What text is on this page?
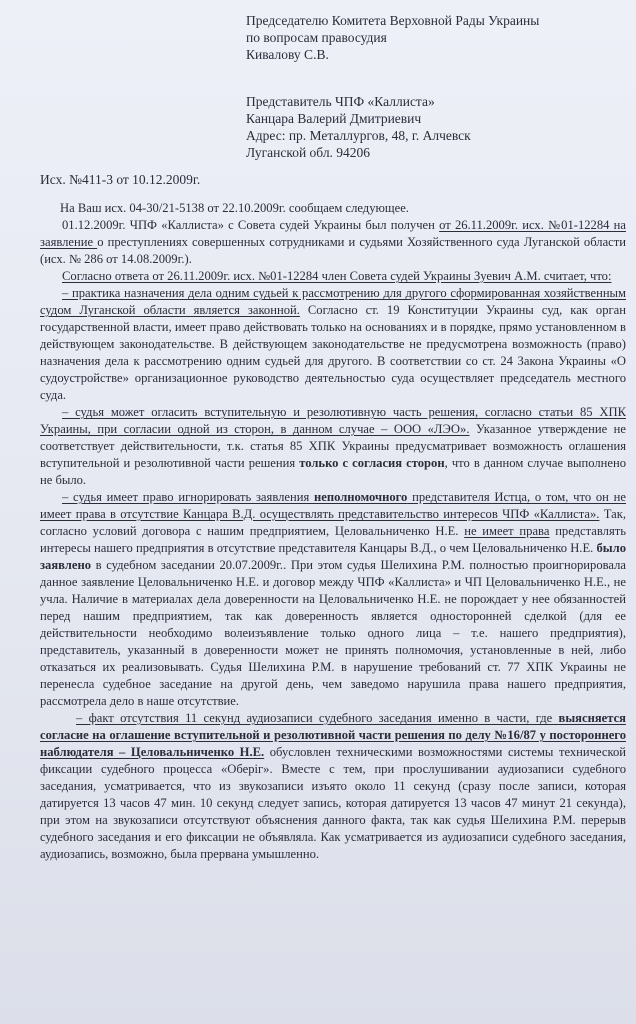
Председателю Комитета Верховной Рады Украины

по вопросам правосудия

Кивалову С.В.

Представитель ЧПФ «Каллиста»

Канцара Валерий Дмитриевич

Адрес: пр. Металлургов, 48, г. Алчевск

Луганской обл. 94206

Исх. №411-3 от 10.12.2009г.

На Ваш исх. 04-30/21-5138 от 22.10.2009г. сообщаем следующее.

01.12.2009г. ЧПФ «Каллиста» с Совета судей Украины был получен от 26.11.2009г. исх. №01-12284 на заявление о преступлениях совершенных сотрудниками и судьями Хозяйственного суда Луганской области (исх. № 286 от 14.08.2009г.).

Согласно ответа от 26.11.2009г. исх. №01-12284 член Совета судей Украины Зуевич А.М. считает, что:

– практика назначения дела одним судьей к рассмотрению для другого сформированная хозяйственным судом Луганской области является законной. Согласно ст. 19 Конституции Украины суд, как орган государственной власти, имеет право действовать только на основаниях и в порядке, прямо установленном в действующем законодательстве. В действующем законодательстве не предусмотрена возможность (право) назначения дела к рассмотрению одним судьей для другого. В соответствии со ст. 24 Закона Украины «О судоустройстве» организационное руководство деятельностью суда осуществляет председатель местного суда.

– судья может огласить вступительную и резолютивную часть решения, согласно статьи 85 ХПК Украины, при согласии одной из сторон, в данном случае – ООО «ЛЭО». Указанное утверждение не соответствует действительности, т.к. статья 85 ХПК Украины предусматривает возможность оглашения вступительной и резолютивной части решения только с согласия сторон, что в данном случае выполнено не было.

– судья имеет право игнорировать заявления неполномочного представителя Истца, о том, что он не имеет права в отсутствие Канцара В.Д. осуществлять представительство интересов ЧПФ «Каллиста». Так, согласно условий договора с нашим предприятием, Целовальниченко Н.Е. не имеет права представлять интересы нашего предприятия в отсутствие представителя Канцары В.Д., о чем Целовальниченко Н.Е. было заявлено в судебном заседании 20.07.2009г.. При этом судья Шелихина Р.М. полностью проигнорировала данное заявление Целовальниченко Н.Е. и договор между ЧПФ «Каллиста» и ЧП Целовальниченко Н.Е., не учла. Наличие в материалах дела доверенности на Целовальниченко Н.Е. не порождает у нее обязанностей перед нашим предприятием, так как доверенность является односторонней сделкой (для ее действительности необходимо волеизъявление только одного лица – т.е. нашего предприятия), представитель, указанный в доверенности может не принять полномочия, установленные в ней, либо отказаться их реализовывать. Судья Шелихина Р.М. в нарушение требований ст. 77 ХПК Украины не перенесла судебное заседание на другой день, чем заведомо нарушила права нашего предприятия, рассмотрела дело в наше отсутствие.

– факт отсутствия 11 секунд аудиозаписи судебного заседания именно в части, где выясняется согласие на оглашение вступительной и резолютивной части решения по делу №16/87 у постороннего наблюдателя – Целовальниченко Н.Е. обусловлен техническими возможностями системы технической фиксации судебного процесса «Оберіг». Вместе с тем, при прослушивании аудиозаписи судебного заседания, усматривается, что из звукозаписи изъято около 11 секунд (сразу после записи, которая датируется 13 часов 47 мин. 10 секунд следует запись, которая датируется 13 часов 47 минут 21 секунда), при этом на звукозаписи отсутствуют объяснения данного факта, так как судья Шелихина Р.М. перерыв судебного заседания и его фиксации не объявляла. Как усматривается из аудиозаписи судебного заседания, аудиозапись, возможно, была прервана умышленно.
